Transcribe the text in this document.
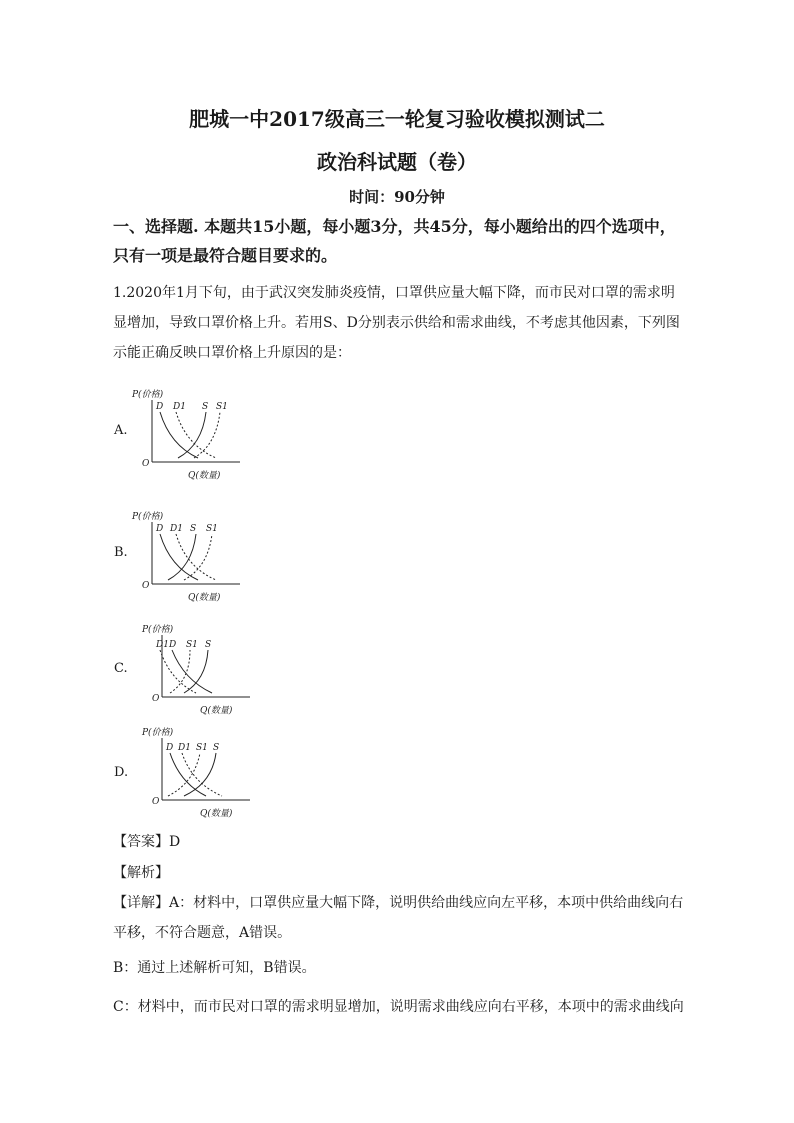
肥城一中2017级高三一轮复习验收模拟测试二
政治科试题（卷）
时间：90分钟
一、选择题. 本题共15小题，每小题3分，共45分，每小题给出的四个选项中，
只有一项是最符合题目要求的。
1.2020年1月下旬，由于武汉突发肺炎疫情，口罩供应量大幅下降，而市民对口罩的需求明
显增加，导致口罩价格上升。若用S、D分别表示供给和需求曲线，不考虑其他因素，下列图
示能正确反映口罩价格上升原因的是：
A.
P(价格)
O
Q(数量)
D D1 S S1
B.
P(价格)
O
Q(数量)
D D1 S S1
C.
P(价格)
O
Q(数量)
D1 D S1 S
D.
P(价格)
O
Q(数量)
D D1 S1 S
【答案】D
【解析】
【详解】A：材料中，口罩供应量大幅下降，说明供给曲线应向左平移，本项中供给曲线向右
平移，不符合题意，A错误。
B：通过上述解析可知，B错误。
C：材料中，而市民对口罩的需求明显增加，说明需求曲线应向右平移，本项中的需求曲线向
